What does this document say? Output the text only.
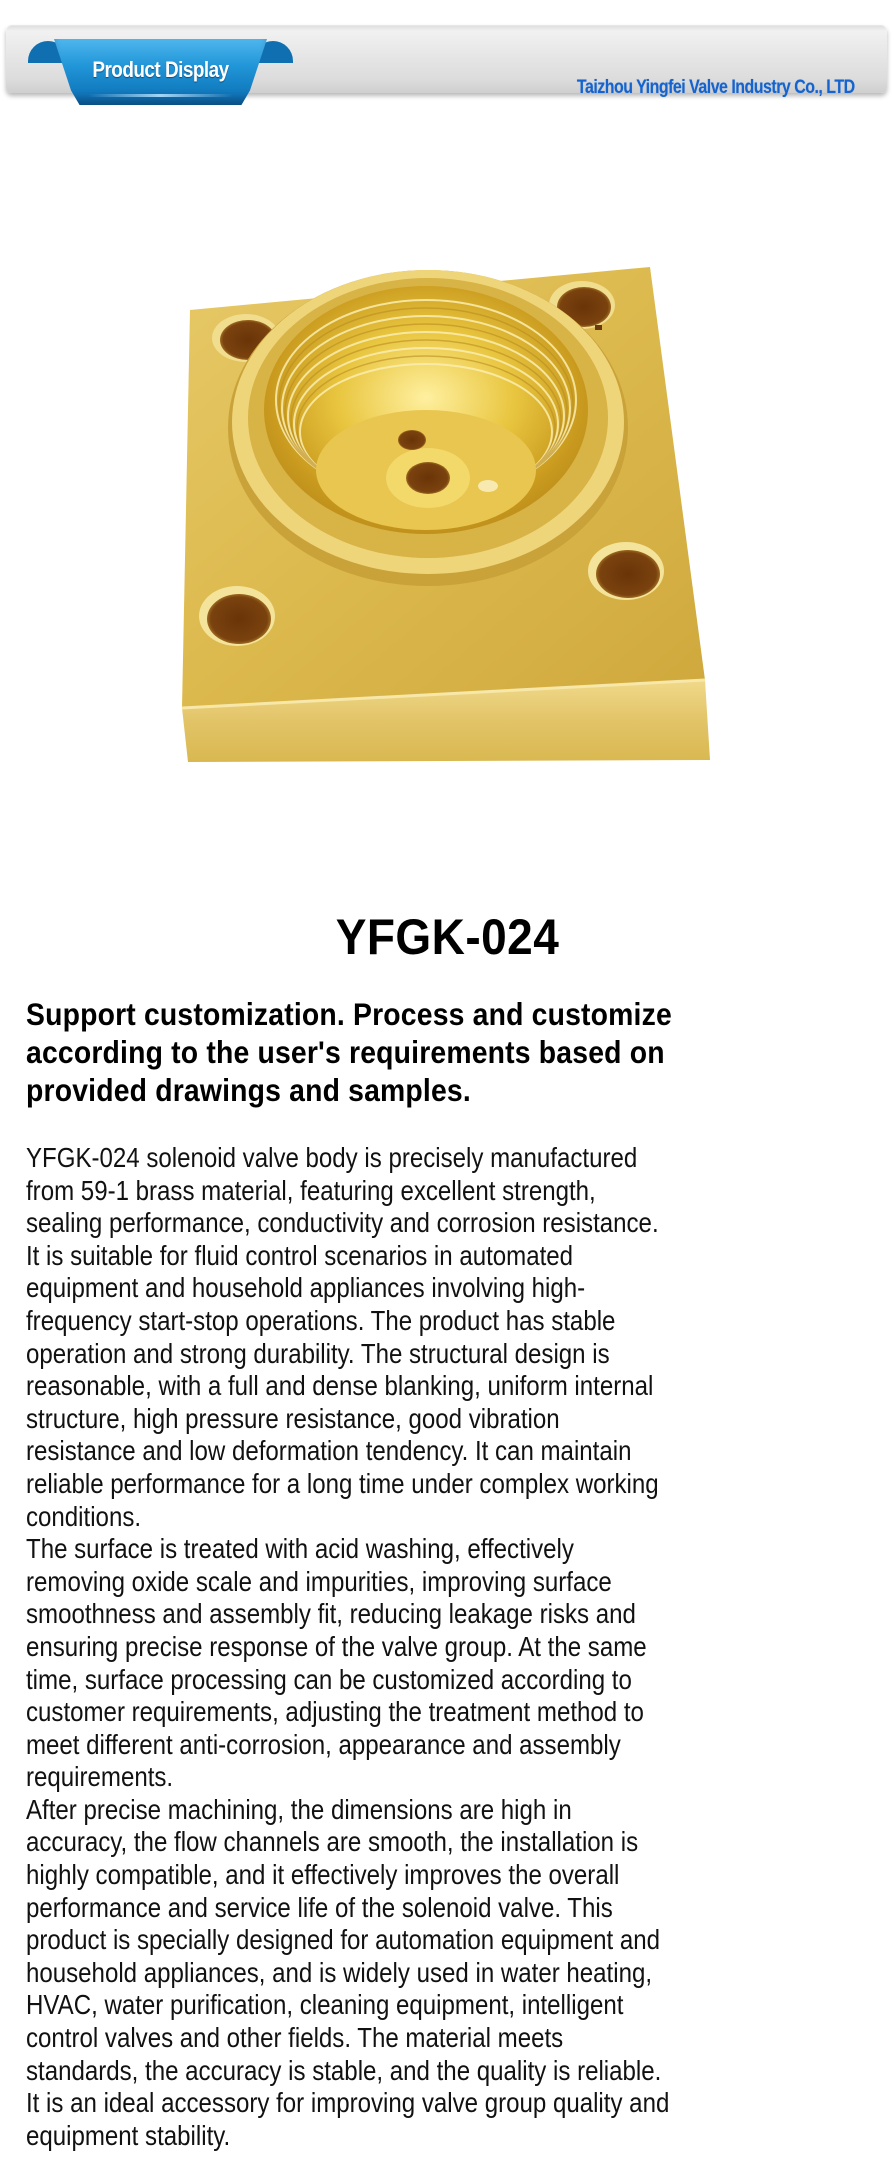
Product Display
Taizhou Yingfei Valve Industry Co., LTD
YFGK-024
Support customization. Process and customize
according to the user's requirements based on
provided drawings and samples.

YFGK-024 solenoid valve body is precisely manufactured
from 59-1 brass material, featuring excellent strength,
sealing performance, conductivity and corrosion resistance.
It is suitable for fluid control scenarios in automated
equipment and household appliances involving high-
frequency start-stop operations. The product has stable
operation and strong durability. The structural design is
reasonable, with a full and dense blanking, uniform internal
structure, high pressure resistance, good vibration
resistance and low deformation tendency. It can maintain
reliable performance for a long time under complex working
conditions.

The surface is treated with acid washing, effectively
removing oxide scale and impurities, improving surface
smoothness and assembly fit, reducing leakage risks and
ensuring precise response of the valve group. At the same
time, surface processing can be customized according to
customer requirements, adjusting the treatment method to
meet different anti-corrosion, appearance and assembly
requirements.

After precise machining, the dimensions are high in
accuracy, the flow channels are smooth, the installation is
highly compatible, and it effectively improves the overall
performance and service life of the solenoid valve. This
product is specially designed for automation equipment and
household appliances, and is widely used in water heating,
HVAC, water purification, cleaning equipment, intelligent
control valves and other fields. The material meets
standards, the accuracy is stable, and the quality is reliable.
It is an ideal accessory for improving valve group quality and
equipment stability.
